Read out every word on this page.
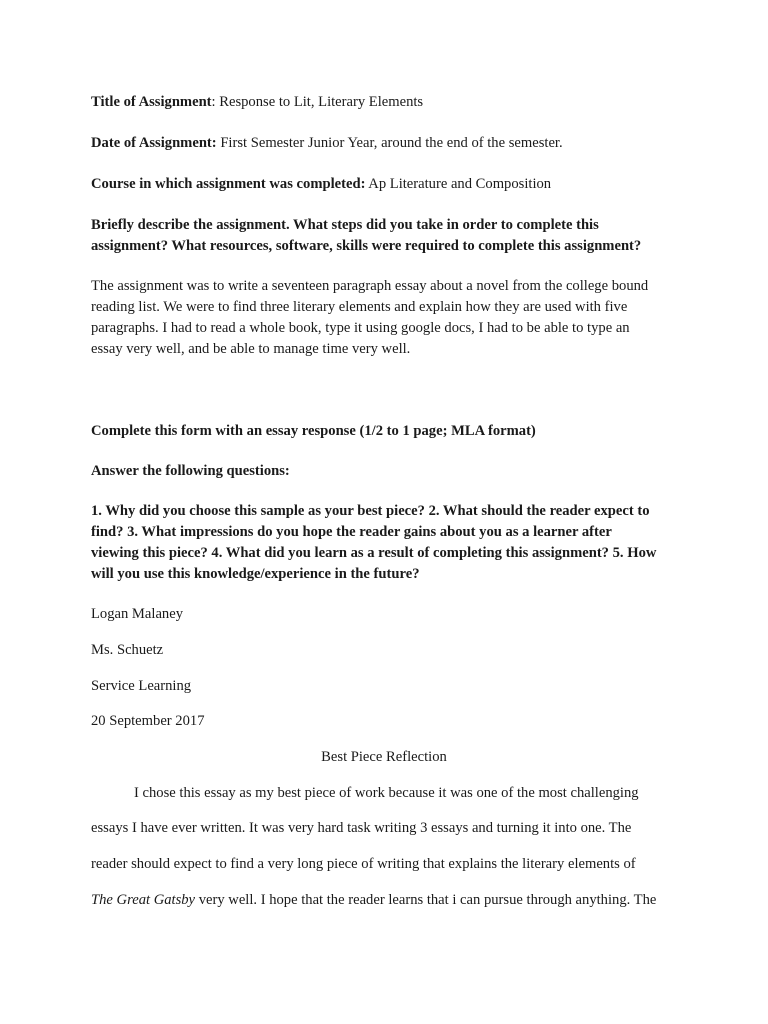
Title of Assignment: Response to Lit, Literary Elements
Date of Assignment: First Semester Junior Year, around the end of the semester.
Course in which assignment was completed: Ap Literature and Composition
Briefly describe the assignment. What steps did you take in order to complete this
assignment? What resources, software, skills were required to complete this assignment?
The assignment was to write a seventeen paragraph essay about a novel from the college bound
reading list. We were to find three literary elements and explain how they are used with five
paragraphs. I had to read a whole book, type it using google docs, I had to be able to type an
essay very well, and be able to manage time very well.
Complete this form with an essay response (1/2 to 1 page; MLA format)
Answer the following questions:
1. Why did you choose this sample as your best piece? 2. What should the reader expect to
find? 3. What impressions do you hope the reader gains about you as a learner after
viewing this piece? 4. What did you learn as a result of completing this assignment? 5. How
will you use this knowledge/experience in the future?
Logan Malaney
Ms. Schuetz
Service Learning
20 September 2017
Best Piece Reflection
I chose this essay as my best piece of work because it was one of the most challenging
essays I have ever written. It was very hard task writing 3 essays and turning it into one. The
reader should expect to find a very long piece of writing that explains the literary elements of
The Great Gatsby very well. I hope that the reader learns that i can pursue through anything. The
